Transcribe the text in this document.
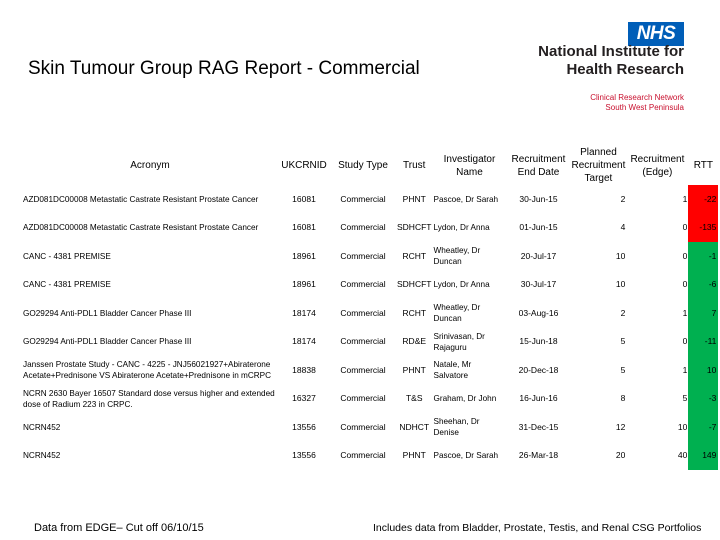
Skin Tumour Group RAG Report - Commercial
NHS
National Institute for
Health Research
Clinical Research Network
South West Peninsula
Acronym	UKCRNID	Study Type	Trust	Investigator Name	Recruitment End Date	Planned Recruitment Target	Recruitment (Edge)	RTT
AZD081DC00008 Metastatic Castrate Resistant Prostate Cancer	16081	Commercial	PHNT	Pascoe, Dr Sarah	30-Jun-15	2	1	-22
AZD081DC00008 Metastatic Castrate Resistant Prostate Cancer	16081	Commercial	SDHCFT	Lydon, Dr Anna	01-Jun-15	4	0	-135
CANC - 4381 PREMISE	18961	Commercial	RCHT	Wheatley, Dr Duncan	20-Jul-17	10	0	-1
CANC - 4381 PREMISE	18961	Commercial	SDHCFT	Lydon, Dr Anna	30-Jul-17	10	0	-6
GO29294 Anti-PDL1 Bladder Cancer Phase III	18174	Commercial	RCHT	Wheatley, Dr Duncan	03-Aug-16	2	1	7
GO29294 Anti-PDL1 Bladder Cancer Phase III	18174	Commercial	RD&E	Srinivasan, Dr Rajaguru	15-Jun-18	5	0	-11
Janssen Prostate Study - CANC - 4225 - JNJ56021927+Abiraterone Acetate+Prednisone VS Abiraterone Acetate+Prednisone in mCRPC	18838	Commercial	PHNT	Natale, Mr Salvatore	20-Dec-18	5	1	10
NCRN 2630 Bayer 16507 Standard dose versus higher and extended dose of Radium 223 in CRPC.	16327	Commercial	T&S	Graham, Dr John	16-Jun-16	8	5	-3
NCRN452	13556	Commercial	NDHCT	Sheehan, Dr Denise	31-Dec-15	12	10	-7
NCRN452	13556	Commercial	PHNT	Pascoe, Dr Sarah	26-Mar-18	20	40	149
Data from EDGE– Cut off 06/10/15	Includes data from Bladder, Prostate, Testis, and Renal CSG Portfolios
